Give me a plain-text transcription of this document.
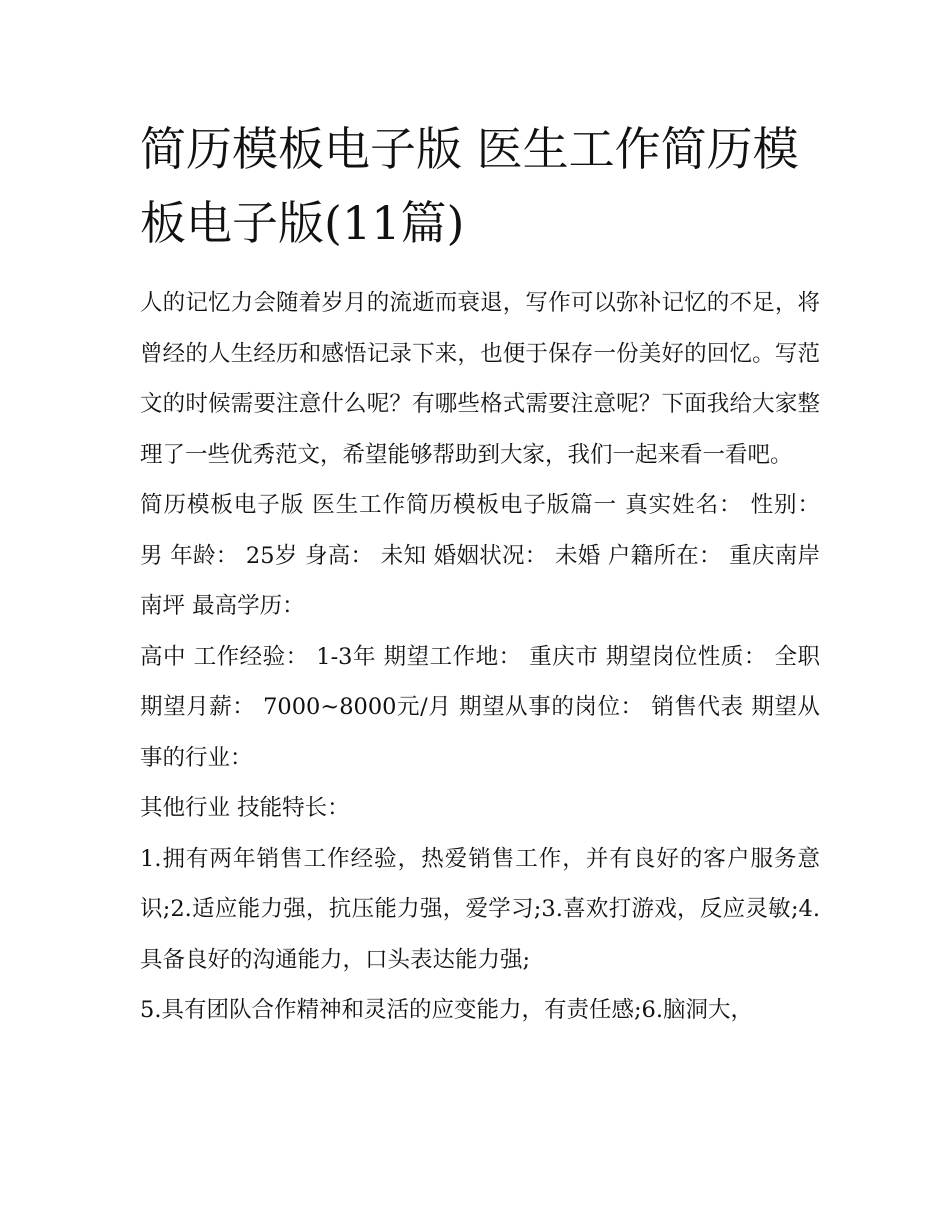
简历模板电子版 医生工作简历模板电子版(11篇)

人的记忆力会随着岁月的流逝而衰退，写作可以弥补记忆的不足，将曾经的人生经历和感悟记录下来，也便于保存一份美好的回忆。写范文的时候需要注意什么呢？有哪些格式需要注意呢？下面我给大家整理了一些优秀范文，希望能够帮助到大家，我们一起来看一看吧。

简历模板电子版 医生工作简历模板电子版篇一 真实姓名： 性别： 男 年龄： 25岁 身高： 未知 婚姻状况： 未婚 户籍所在： 重庆南岸南坪 最高学历：

高中 工作经验： 1-3年 期望工作地： 重庆市 期望岗位性质： 全职 期望月薪： 7000~8000元/月 期望从事的岗位： 销售代表 期望从事的行业：

其他行业 技能特长：

1.拥有两年销售工作经验，热爱销售工作，并有良好的客户服务意识;2.适应能力强，抗压能力强，爱学习;3.喜欢打游戏，反应灵敏;4.具备良好的沟通能力，口头表达能力强;

5.具有团队合作精神和灵活的应变能力，有责任感;6.脑洞大，
